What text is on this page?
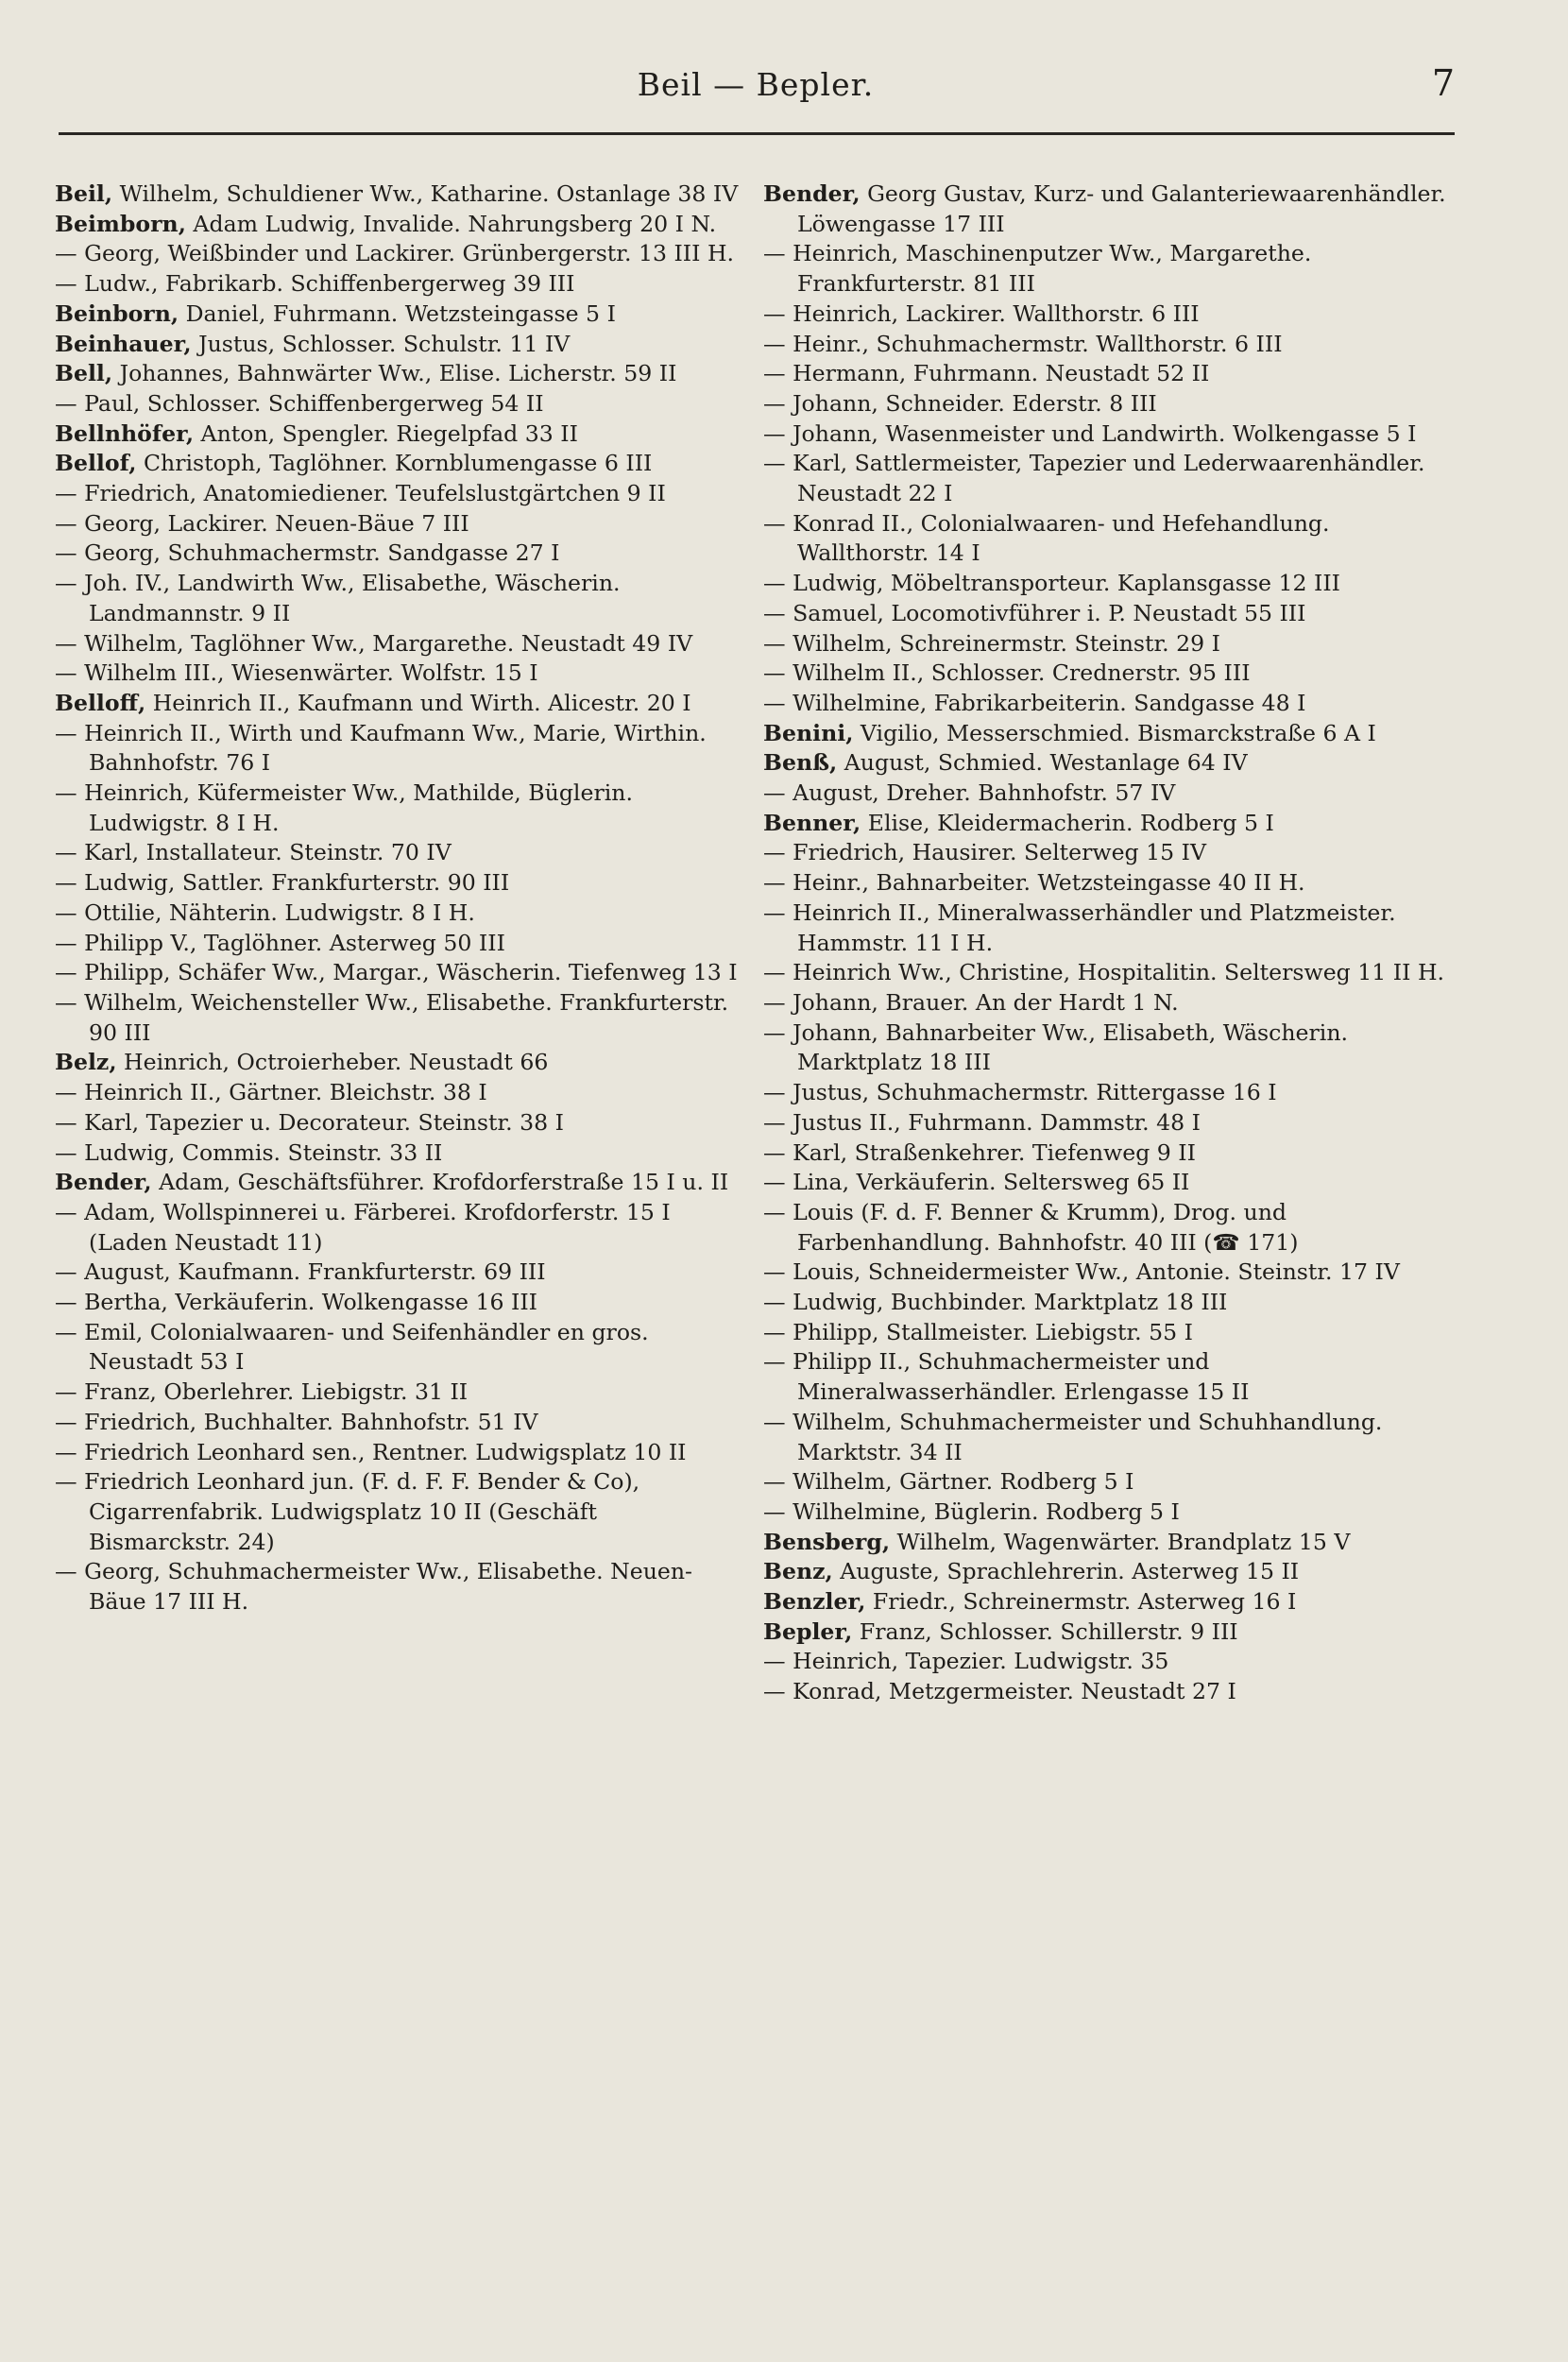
Beil — Bepler.	7
Beil , Wilhelm, Schuldiener Ww., Katharine. Ostanlage 38 IV
Beimborn , Adam Ludwig, Invalide. Nahrungsberg 20 I N.
— Georg, Weißbinder und Lackirer. Grünbergerstr. 13 III H.
— Ludw., Fabrikarb. Schiffenbergerweg 39 III
Beinborn , Daniel, Fuhrmann. Wetzsteingasse 5 I
Beinhauer , Justus, Schlosser. Schulstr. 11 IV
Bell , Johannes, Bahnwärter Ww., Elise. Licherstr. 59 II
— Paul, Schlosser. Schiffenbergerweg 54 II
Bellnhöfer , Anton, Spengler. Riegelpfad 33 II
Bellof , Christoph, Taglöhner. Kornblumengasse 6 III
— Friedrich, Anatomiediener. Teufelslustgärtchen 9 II
— Georg, Lackirer. Neuen-Bäue 7 III
— Georg, Schuhmachermstr. Sandgasse 27 I
— Joh. IV., Landwirth Ww., Elisabethe, Wäscherin. Landmannstr. 9 II
— Wilhelm, Taglöhner Ww., Margarethe. Neustadt 49 IV
— Wilhelm III., Wiesenwärter. Wolfstr. 15 I
Belloff , Heinrich II., Kaufmann und Wirth. Alicestr. 20 I
— Heinrich II., Wirth und Kaufmann Ww., Marie, Wirthin. Bahnhofstr. 76 I
— Heinrich, Küfermeister Ww., Mathilde, Büglerin. Ludwigstr. 8 I H.
— Karl, Installateur. Steinstr. 70 IV
— Ludwig, Sattler. Frankfurterstr. 90 III
— Ottilie, Nähterin. Ludwigstr. 8 I H.
— Philipp V., Taglöhner. Asterweg 50 III
— Philipp, Schäfer Ww., Margar., Wäscherin. Tiefenweg 13 I
— Wilhelm, Weichensteller Ww., Elisabethe. Frankfurterstr. 90 III
Belz , Heinrich, Octroierheber. Neustadt 66
— Heinrich II., Gärtner. Bleichstr. 38 I
— Karl, Tapezier u. Decorateur. Steinstr. 38 I
— Ludwig, Commis. Steinstr. 33 II
Bender , Adam, Geschäftsführer. Krofdorferstraße 15 I u. II
— Adam, Wollspinnerei u. Färberei. Krofdorferstr. 15 I (Laden Neustadt 11)
— August, Kaufmann. Frankfurterstr. 69 III
— Bertha, Verkäuferin. Wolkengasse 16 III
— Emil, Colonialwaaren- und Seifenhändler en gros. Neustadt 53 I
— Franz, Oberlehrer. Liebigstr. 31 II
— Friedrich, Buchhalter. Bahnhofstr. 51 IV
— Friedrich Leonhard sen., Rentner. Ludwigsplatz 10 II
— Friedrich Leonhard jun. (F. d. F. F. Bender & Co), Cigarrenfabrik. Ludwigsplatz 10 II (Geschäft Bismarckstr. 24)
— Georg, Schuhmachermeister Ww., Elisabethe. Neuen-Bäue 17 III H.
Bender , Georg Gustav, Kurz- und Galanteriewaarenhändler. Löwengasse 17 III
— Heinrich, Maschinenputzer Ww., Margarethe. Frankfurterstr. 81 III
— Heinrich, Lackirer. Wallthorstr. 6 III
— Heinr., Schuhmachermstr. Wallthorstr. 6 III
— Hermann, Fuhrmann. Neustadt 52 II
— Johann, Schneider. Ederstr. 8 III
— Johann, Wasenmeister und Landwirth. Wolkengasse 5 I
— Karl, Sattlermeister, Tapezier und Lederwaarenhändler. Neustadt 22 I
— Konrad II., Colonialwaaren- und Hefehandlung. Wallthorstr. 14 I
— Ludwig, Möbeltransporteur. Kaplansgasse 12 III
— Samuel, Locomotivführer i. P. Neustadt 55 III
— Wilhelm, Schreinermstr. Steinstr. 29 I
— Wilhelm II., Schlosser. Crednerstr. 95 III
— Wilhelmine, Fabrikarbeiterin. Sandgasse 48 I
Benini , Vigilio, Messerschmied. Bismarckstraße 6 A I
Benß , August, Schmied. Westanlage 64 IV
— August, Dreher. Bahnhofstr. 57 IV
Benner , Elise, Kleidermacherin. Rodberg 5 I
— Friedrich, Hausirer. Selterweg 15 IV
— Heinr., Bahnarbeiter. Wetzsteingasse 40 II H.
— Heinrich II., Mineralwasserhändler und Platzmeister. Hammstr. 11 I H.
— Heinrich Ww., Christine, Hospitalitin. Seltersweg 11 II H.
— Johann, Brauer. An der Hardt 1 N.
— Johann, Bahnarbeiter Ww., Elisabeth, Wäscherin. Marktplatz 18 III
— Justus, Schuhmachermstr. Rittergasse 16 I
— Justus II., Fuhrmann. Dammstr. 48 I
— Karl, Straßenkehrer. Tiefenweg 9 II
— Lina, Verkäuferin. Seltersweg 65 II
— Louis (F. d. F. Benner & Krumm), Drog. und Farbenhandlung. Bahnhofstr. 40 III (☎ 171)
— Louis, Schneidermeister Ww., Antonie. Steinstr. 17 IV
— Ludwig, Buchbinder. Marktplatz 18 III
— Philipp, Stallmeister. Liebigstr. 55 I
— Philipp II., Schuhmachermeister und Mineralwasserhändler. Erlengasse 15 II
— Wilhelm, Schuhmachermeister und Schuhhandlung. Marktstr. 34 II
— Wilhelm, Gärtner. Rodberg 5 I
— Wilhelmine, Büglerin. Rodberg 5 I
Bensberg , Wilhelm, Wagenwärter. Brandplatz 15 V
Benz , Auguste, Sprachlehrerin. Asterweg 15 II
Benzler , Friedr., Schreinermstr. Asterweg 16 I
Bepler , Franz, Schlosser. Schillerstr. 9 III
— Heinrich, Tapezier. Ludwigstr. 35
— Konrad, Metzgermeister. Neustadt 27 I
